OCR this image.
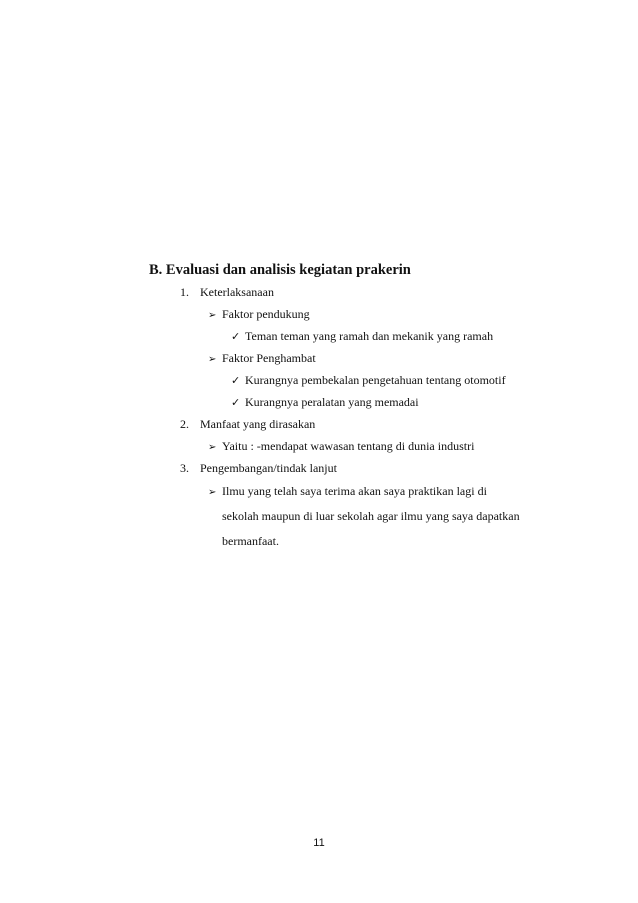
B. Evaluasi dan analisis kegiatan prakerin
1. Keterlaksanaan
➢ Faktor pendukung
✓ Teman teman yang ramah dan mekanik yang ramah
➢ Faktor Penghambat
✓ Kurangnya pembekalan pengetahuan tentang otomotif
✓ Kurangnya peralatan yang memadai
2. Manfaat yang dirasakan
➢ Yaitu : -mendapat wawasan tentang di dunia industri
3. Pengembangan/tindak lanjut
➢ Ilmu yang telah saya terima akan saya praktikan lagi di
sekolah maupun di luar sekolah agar ilmu yang saya dapatkan
bermanfaat.
11
